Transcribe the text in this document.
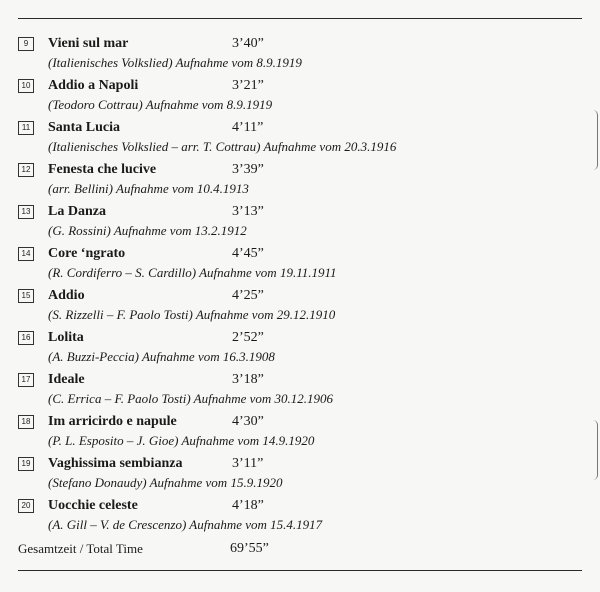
9	Vieni sul mar	3’40”
(Italienisches Volkslied) Aufnahme vom 8.9.1919
10 Addio a Napoli	3’21”
(Teodoro Cottrau) Aufnahme vom 8.9.1919
11 Santa Lucia	4’11”
(Italienisches Volkslied – arr. T. Cottrau) Aufnahme vom 20.3.1916
12 Fenesta che lucive	3’39”
(arr. Bellini) Aufnahme vom 10.4.1913
13 La Danza	3’13”
(G. Rossini) Aufnahme vom 13.2.1912
14 Core ‘ngrato	4’45”
(R. Cordiferro – S. Cardillo) Aufnahme vom 19.11.1911
15 Addio	4’25”
(S. Rizzelli – F. Paolo Tosti) Aufnahme vom 29.12.1910
16 Lolita	2’52”
(A. Buzzi-Peccia) Aufnahme vom 16.3.1908
17 Ideale	3’18”
(C. Errica – F. Paolo Tosti) Aufnahme vom 30.12.1906
18 Im arricirdo e napule	4’30”
(P. L. Esposito – J. Gioe) Aufnahme vom 14.9.1920
19 Vaghissima sembianza	3’11”
(Stefano Donaudy) Aufnahme vom 15.9.1920
20 Uocchie celeste	4’18”
(A. Gill – V. de Crescenzo) Aufnahme vom 15.4.1917
Gesamtzeit / Total Time	69’55”
